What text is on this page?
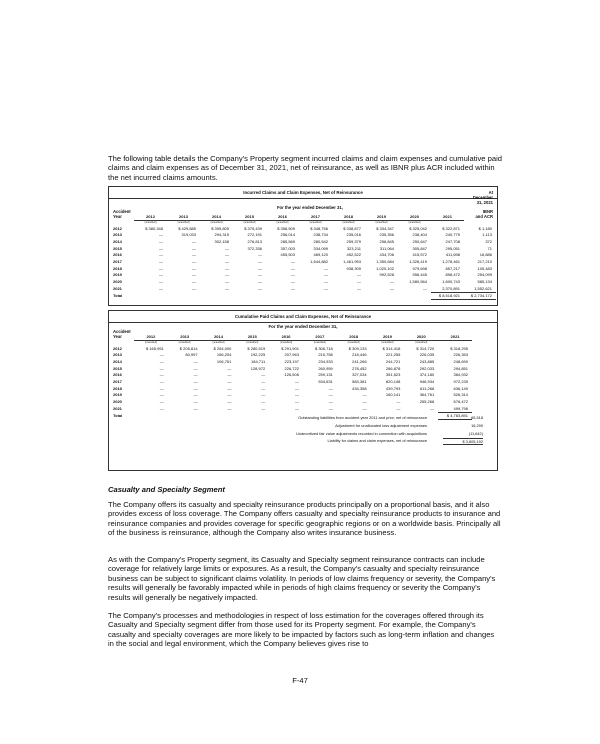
The following table details the Company's Property segment incurred claims and claim expenses and cumulative paid claims and claim expenses as of December 31, 2021, net of reinsurance, as well as IBNR plus ACR included within the net incurred claims amounts.
Incurred Claims and Claim Expenses, Net of Reinsurance
For the year ended December 31,
At
December
31, 2021
IBNR
and ACR
Accident
Year
		2012	2013	2014	2015	2016	2017	2018	2019	2020	2021	
	(unaudited)	(unaudited)	(unaudited)	(unaudited)	(unaudited)	(unaudited)	(unaudited)	(unaudited)	(unaudited)		
2012	$ 380,348	$ 429,885	$ 395,805	$ 375,439	$ 358,509	$ 348,756	$ 338,877	$ 334,347	$ 325,042	$ 322,871	$ 1,180
2013	—	319,033	294,315	272,191	256,014	238,734	235,016	235,356	238,404	240,779	1,113
2014	—	—	302,158	276,813	285,569	280,542	259,379	256,845	250,647	247,708	372
2015	—	—	—	372,336	357,003	334,099	323,211	311,064	305,847	295,051	71
2016	—	—	—	—	455,503	469,120	452,522	434,706	415,572	411,698	16,886
2017	—	—	—	—	—	1,644,882	1,461,953	1,350,684	1,328,419	1,278,461	217,210
2018	—	—	—	—	—	—	938,309	1,020,102	979,698	857,217	105,483
2019	—	—	—	—	—	—	—	992,528	956,445	898,472	254,099
2020	—	—	—	—	—	—	—	—	1,580,564	1,600,743	585,134
2021	—	—	—	—	—	—	—	—	—	2,370,891	1,552,621
Total										$ 8,518,921	$ 2,734,172
Cumulative Paid Claims and Claim Expenses, Net of Reinsurance
For the year ended December 31,
Accident
Year
		2012	2013	2014	2015	2016	2017	2018	2019	2020	2021
	(unaudited)	(unaudited)	(unaudited)	(unaudited)	(unaudited)	(unaudited)	(unaudited)	(unaudited)	(unaudited)	
2012	$ 165,951	$ 205,814	$ 254,000	$ 280,519	$ 291,901	$ 306,718	$ 309,133	$ 314,418	$ 314,720	$ 318,295
2013	—	80,997	156,204	192,225	207,963	215,758	218,446	221,255	226,035	226,353
2014	—	—	106,761	184,711	223,197	234,933	241,266	244,721	243,885	248,690
2015	—	—	—	128,972	226,722	260,959	278,452	286,878	292,033	294,851
2016	—	—	—	—	126,506	259,131	327,034	351,523	374,180	384,932
2017	—	—	—	—	—	534,631	583,381	820,148	946,934	972,239
2018	—	—	—	—	—	—	434,358	439,793	611,268	636,149
2019	—	—	—	—	—	—	—	160,141	364,761	526,314
2020	—	—	—	—	—	—	—	—	255,268	676,472
2021	—	—	—	—	—	—	—	—	—	499,796
Total										$ 4,783,891
Outstanding liabilities from accident year 2011 and prior, net of reinsurance	65,518
Adjustment for unallocated loss adjustment expenses	16,290
Unamortized fair value adjustments recorded in connection with acquisitions	(11,642)
Liability for claims and claim expenses, net of reinsurance	$ 3,805,192
Casualty and Specialty Segment
The Company offers its casualty and specialty reinsurance products principally on a proportional basis, and it also provides excess of loss coverage. The Company offers casualty and specialty reinsurance products to insurance and reinsurance companies and provides coverage for specific geographic regions or on a worldwide basis. Principally all of the business is reinsurance, although the Company also writes insurance business.
As with the Company's Property segment, its Casualty and Specialty segment reinsurance contracts can include coverage for relatively large limits or exposures. As a result, the Company's casualty and specialty reinsurance business can be subject to significant claims volatility. In periods of low claims frequency or severity, the Company's results will generally be favorably impacted while in periods of high claims frequency or severity the Company's results will generally be negatively impacted.
The Company's processes and methodologies in respect of loss estimation for the coverages offered through its Casualty and Specialty segment differ from those used for its Property segment. For example, the Company's casualty and specialty coverages are more likely to be impacted by factors such as long-term inflation and changes in the social and legal environment, which the Company believes gives rise to
F-47
